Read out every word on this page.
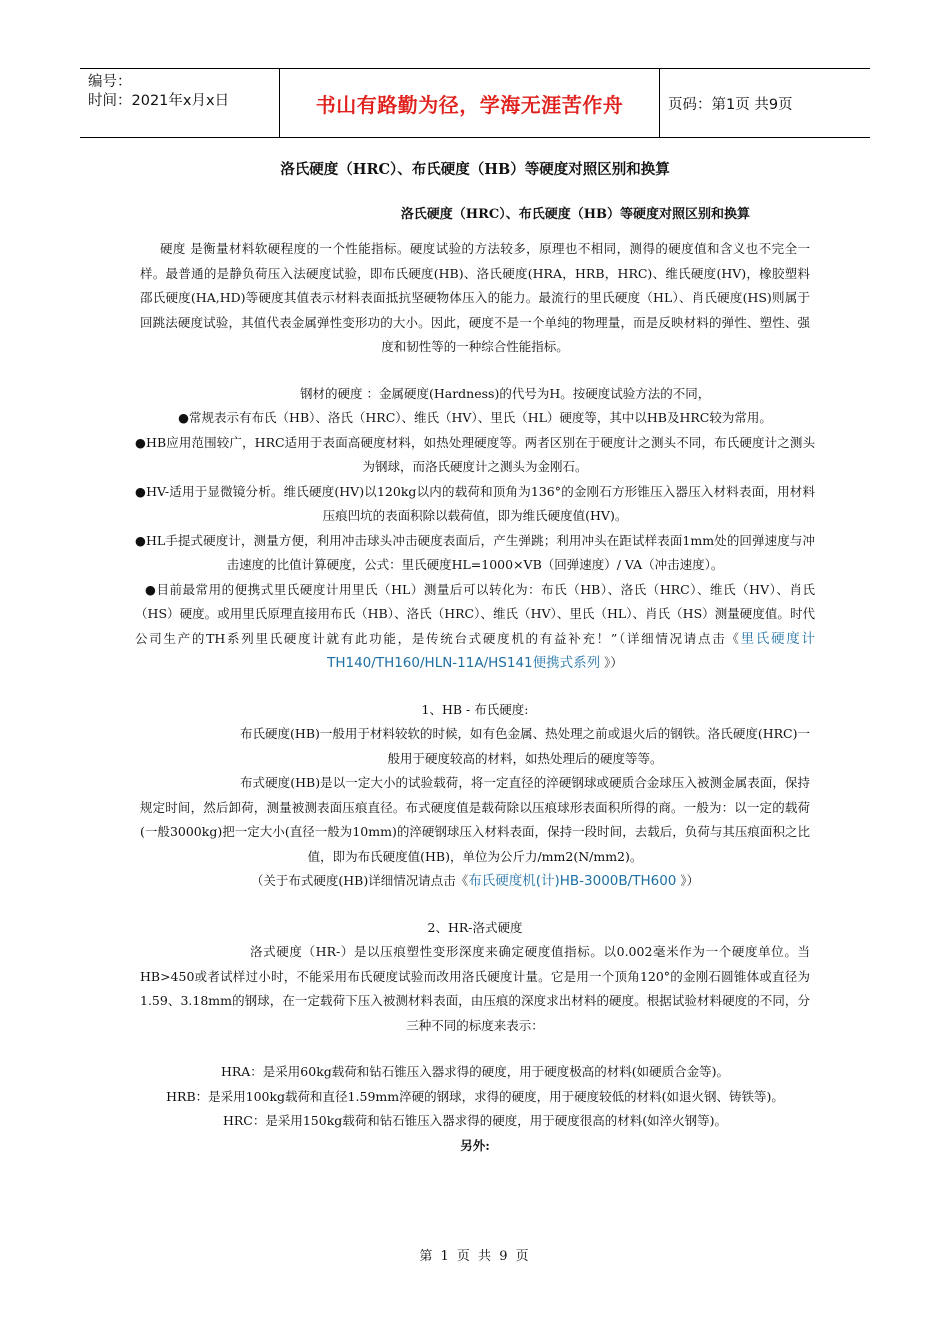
编号：
时间：2021年x月x日	书山有路勤为径，学海无涯苦作舟	页码：第1页 共9页
洛氏硬度（HRC）、布氏硬度（HB）等硬度对照区别和换算
洛氏硬度（HRC）、布氏硬度（HB）等硬度对照区别和换算

硬度 是衡量材料软硬程度的一个性能指标。硬度试验的方法较多，原理也不相同，测得的硬度值和含义也不完全一样。最普通的是静负荷压入法硬度试验，即布氏硬度(HB)、洛氏硬度(HRA，HRB，HRC)、维氏硬度(HV)，橡胶塑料邵氏硬度(HA,HD)等硬度其值表示材料表面抵抗坚硬物体压入的能力。最流行的里氏硬度（HL）、肖氏硬度(HS)则属于回跳法硬度试验，其值代表金属弹性变形功的大小。因此，硬度不是一个单纯的物理量，而是反映材料的弹性、塑性、强度和韧性等的一种综合性能指标。

钢材的硬度 ：金属硬度(Hardness)的代号为H。按硬度试验方法的不同，

●常规表示有布氏（HB）、洛氏（HRC）、维氏（HV）、里氏（HL）硬度等，其中以HB及HRC较为常用。

●HB应用范围较广，HRC适用于表面高硬度材料，如热处理硬度等。两者区别在于硬度计之测头不同，布氏硬度计之测头为钢球，而洛氏硬度计之测头为金刚石。

●HV-适用于显微镜分析。维氏硬度(HV)以120kg以内的载荷和顶角为136°的金刚石方形锥压入器压入材料表面，用材料压痕凹坑的表面积除以载荷值，即为维氏硬度值(HV)。

●HL手提式硬度计，测量方便，利用冲击球头冲击硬度表面后，产生弹跳；利用冲头在距试样表面1mm处的回弹速度与冲击速度的比值计算硬度，公式：里氏硬度HL=1000×VB（回弹速度）/ VA（冲击速度）。

●目前最常用的便携式里氏硬度计用里氏（HL）测量后可以转化为：布氏（HB）、洛氏（HRC）、维氏（HV）、肖氏（HS）硬度。或用里氏原理直接用布氏（HB）、洛氏（HRC）、维氏（HV）、里氏（HL）、肖氏（HS）测量硬度值。时代公司生产的TH系列里氏硬度计就有此功能，是传统台式硬度机的有益补充！”（详细情况请点击《里氏硬度计TH140/TH160/HLN-11A/HS141便携式系列 》）

1、HB - 布氏硬度:

布氏硬度(HB)一般用于材料较软的时候，如有色金属、热处理之前或退火后的钢铁。洛氏硬度(HRC)一般用于硬度较高的材料，如热处理后的硬度等等。

布式硬度(HB)是以一定大小的试验载荷，将一定直径的淬硬钢球或硬质合金球压入被测金属表面，保持规定时间，然后卸荷，测量被测表面压痕直径。布式硬度值是载荷除以压痕球形表面积所得的商。一般为：以一定的载荷(一般3000kg)把一定大小(直径一般为10mm)的淬硬钢球压入材料表面，保持一段时间，去载后，负荷与其压痕面积之比值，即为布氏硬度值(HB)，单位为公斤力/mm2(N/mm2)。

（关于布式硬度(HB)详细情况请点击《布氏硬度机(计)HB-3000B/TH600 》）

2、HR-洛式硬度

洛式硬度（HR-）是以压痕塑性变形深度来确定硬度值指标。以0.002毫米作为一个硬度单位。当HB>450或者试样过小时，不能采用布氏硬度试验而改用洛氏硬度计量。它是用一个顶角120°的金刚石圆锥体或直径为1.59、3.18mm的钢球，在一定载荷下压入被测材料表面，由压痕的深度求出材料的硬度。根据试验材料硬度的不同，分三种不同的标度来表示：

HRA：是采用60kg载荷和钻石锥压入器求得的硬度，用于硬度极高的材料(如硬质合金等)。

HRB：是采用100kg载荷和直径1.59mm淬硬的钢球，求得的硬度，用于硬度较低的材料(如退火钢、铸铁等)。

HRC：是采用150kg载荷和钻石锥压入器求得的硬度，用于硬度很高的材料(如淬火钢等)。

另外:

第 1 页 共 9 页
